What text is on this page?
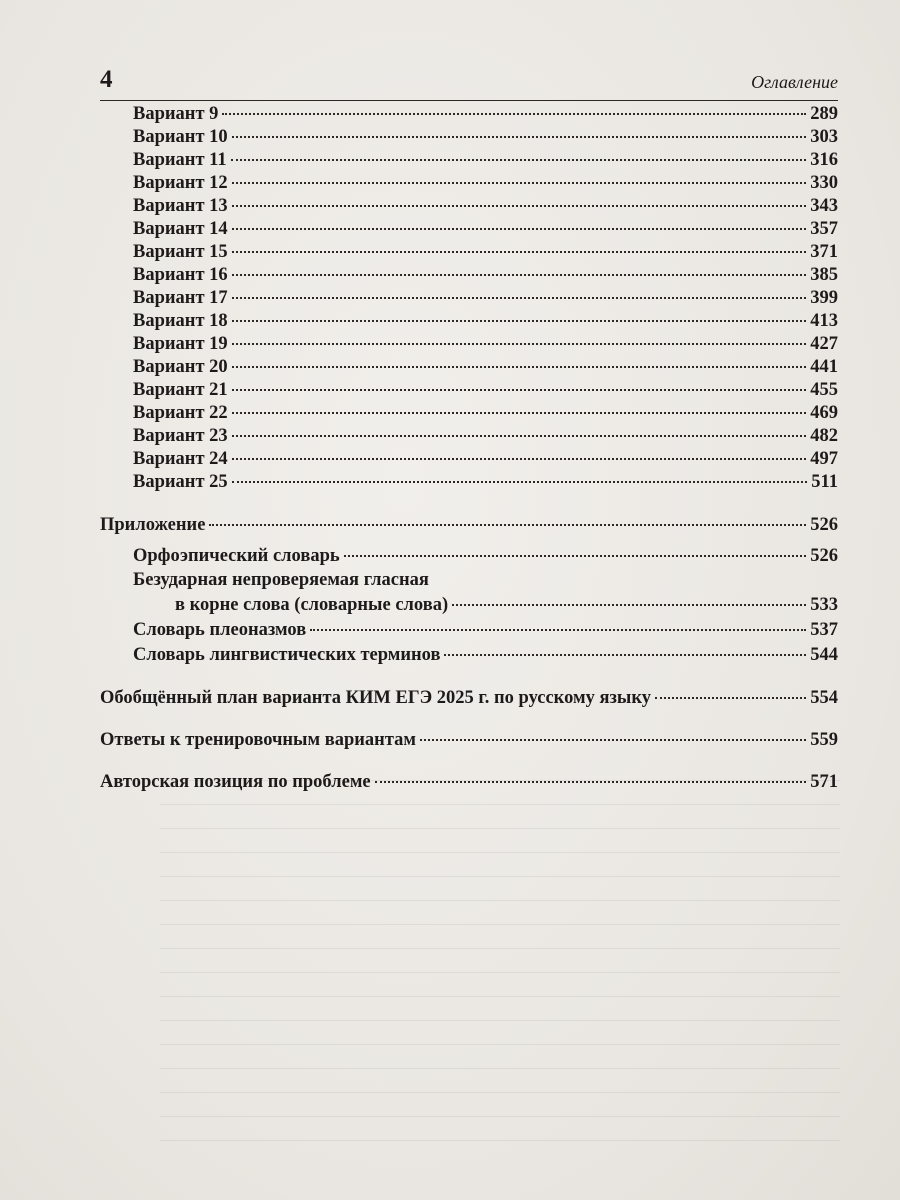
4	Оглавление
Вариант 9	289
Вариант 10	303
Вариант 11	316
Вариант 12	330
Вариант 13	343
Вариант 14	357
Вариант 15	371
Вариант 16	385
Вариант 17	399
Вариант 18	413
Вариант 19	427
Вариант 20	441
Вариант 21	455
Вариант 22	469
Вариант 23	482
Вариант 24	497
Вариант 25	511
Приложение	526
Орфоэпический словарь	526
Безударная непроверяемая гласная
в корне слова (словарные слова)	533
Словарь плеоназмов	537
Словарь лингвистических терминов	544
Обобщённый план варианта КИМ ЕГЭ 2025 г. по русскому языку	554
Ответы к тренировочным вариантам	559
Авторская позиция по проблеме	571
